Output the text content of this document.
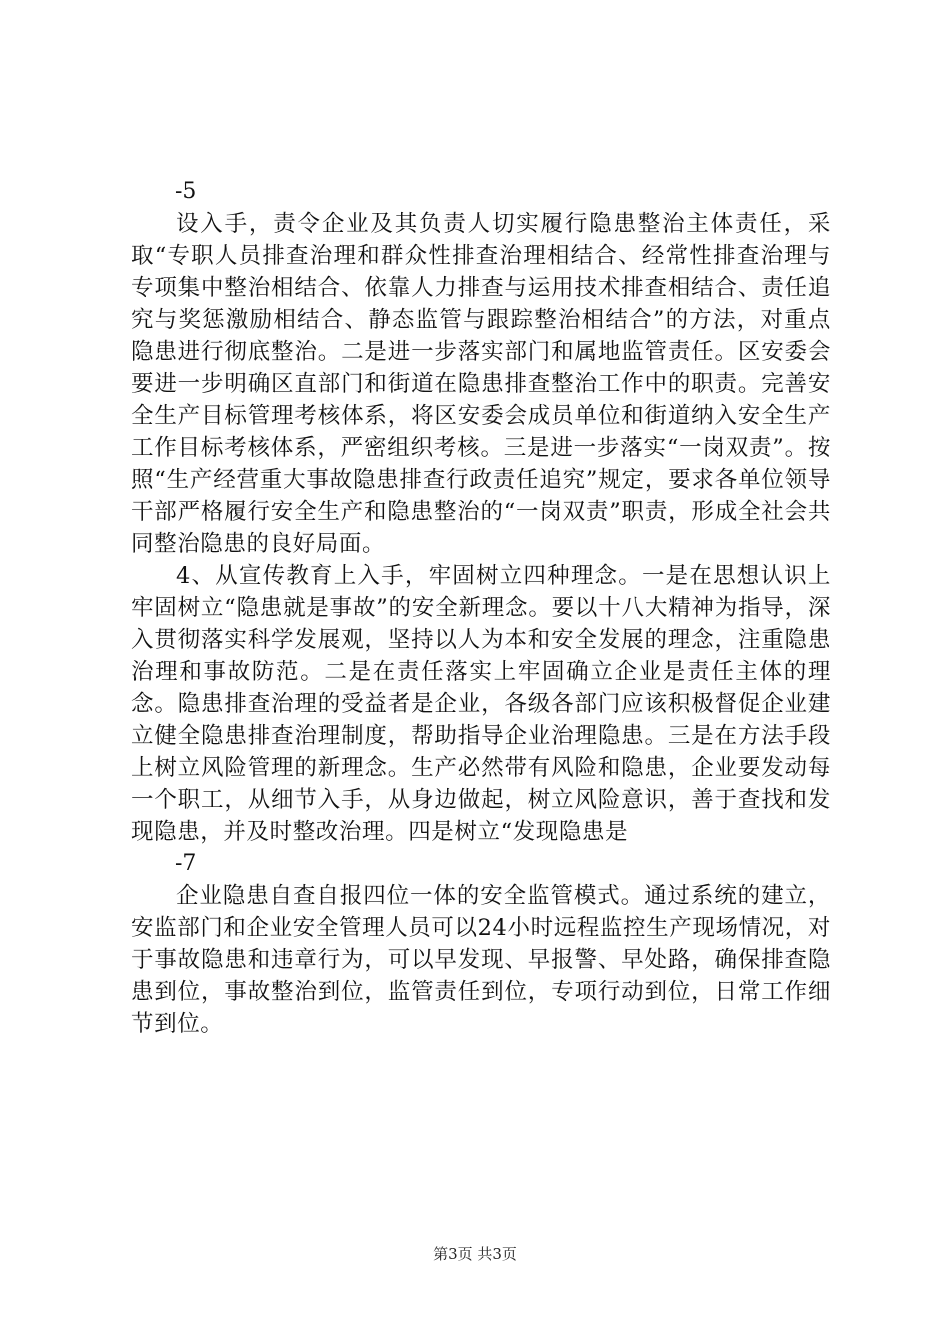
-5

设入手，责令企业及其负责人切实履行隐患整治主体责任，采取“专职人员排查治理和群众性排查治理相结合、经常性排查治理与专项集中整治相结合、依靠人力排查与运用技术排查相结合、责任追究与奖惩激励相结合、静态监管与跟踪整治相结合”的方法，对重点隐患进行彻底整治。二是进一步落实部门和属地监管责任。区安委会要进一步明确区直部门和街道在隐患排查整治工作中的职责。完善安全生产目标管理考核体系，将区安委会成员单位和街道纳入安全生产工作目标考核体系，严密组织考核。三是进一步落实“一岗双责”。按照“生产经营重大事故隐患排查行政责任追究”规定，要求各单位领导干部严格履行安全生产和隐患整治的“一岗双责”职责，形成全社会共同整治隐患的良好局面。

4、从宣传教育上入手，牢固树立四种理念。一是在思想认识上牢固树立“隐患就是事故”的安全新理念。要以十八大精神为指导，深入贯彻落实科学发展观，坚持以人为本和安全发展的理念，注重隐患治理和事故防范。二是在责任落实上牢固确立企业是责任主体的理念。隐患排查治理的受益者是企业，各级各部门应该积极督促企业建立健全隐患排查治理制度，帮助指导企业治理隐患。三是在方法手段上树立风险管理的新理念。生产必然带有风险和隐患，企业要发动每一个职工，从细节入手，从身边做起，树立风险意识，善于查找和发现隐患，并及时整改治理。四是树立“发现隐患是

-7

企业隐患自查自报四位一体的安全监管模式。通过系统的建立，安监部门和企业安全管理人员可以24小时远程监控生产现场情况，对于事故隐患和违章行为，可以早发现、早报警、早处路，确保排查隐患到位，事故整治到位，监管责任到位，专项行动到位，日常工作细节到位。

第3页 共3页
